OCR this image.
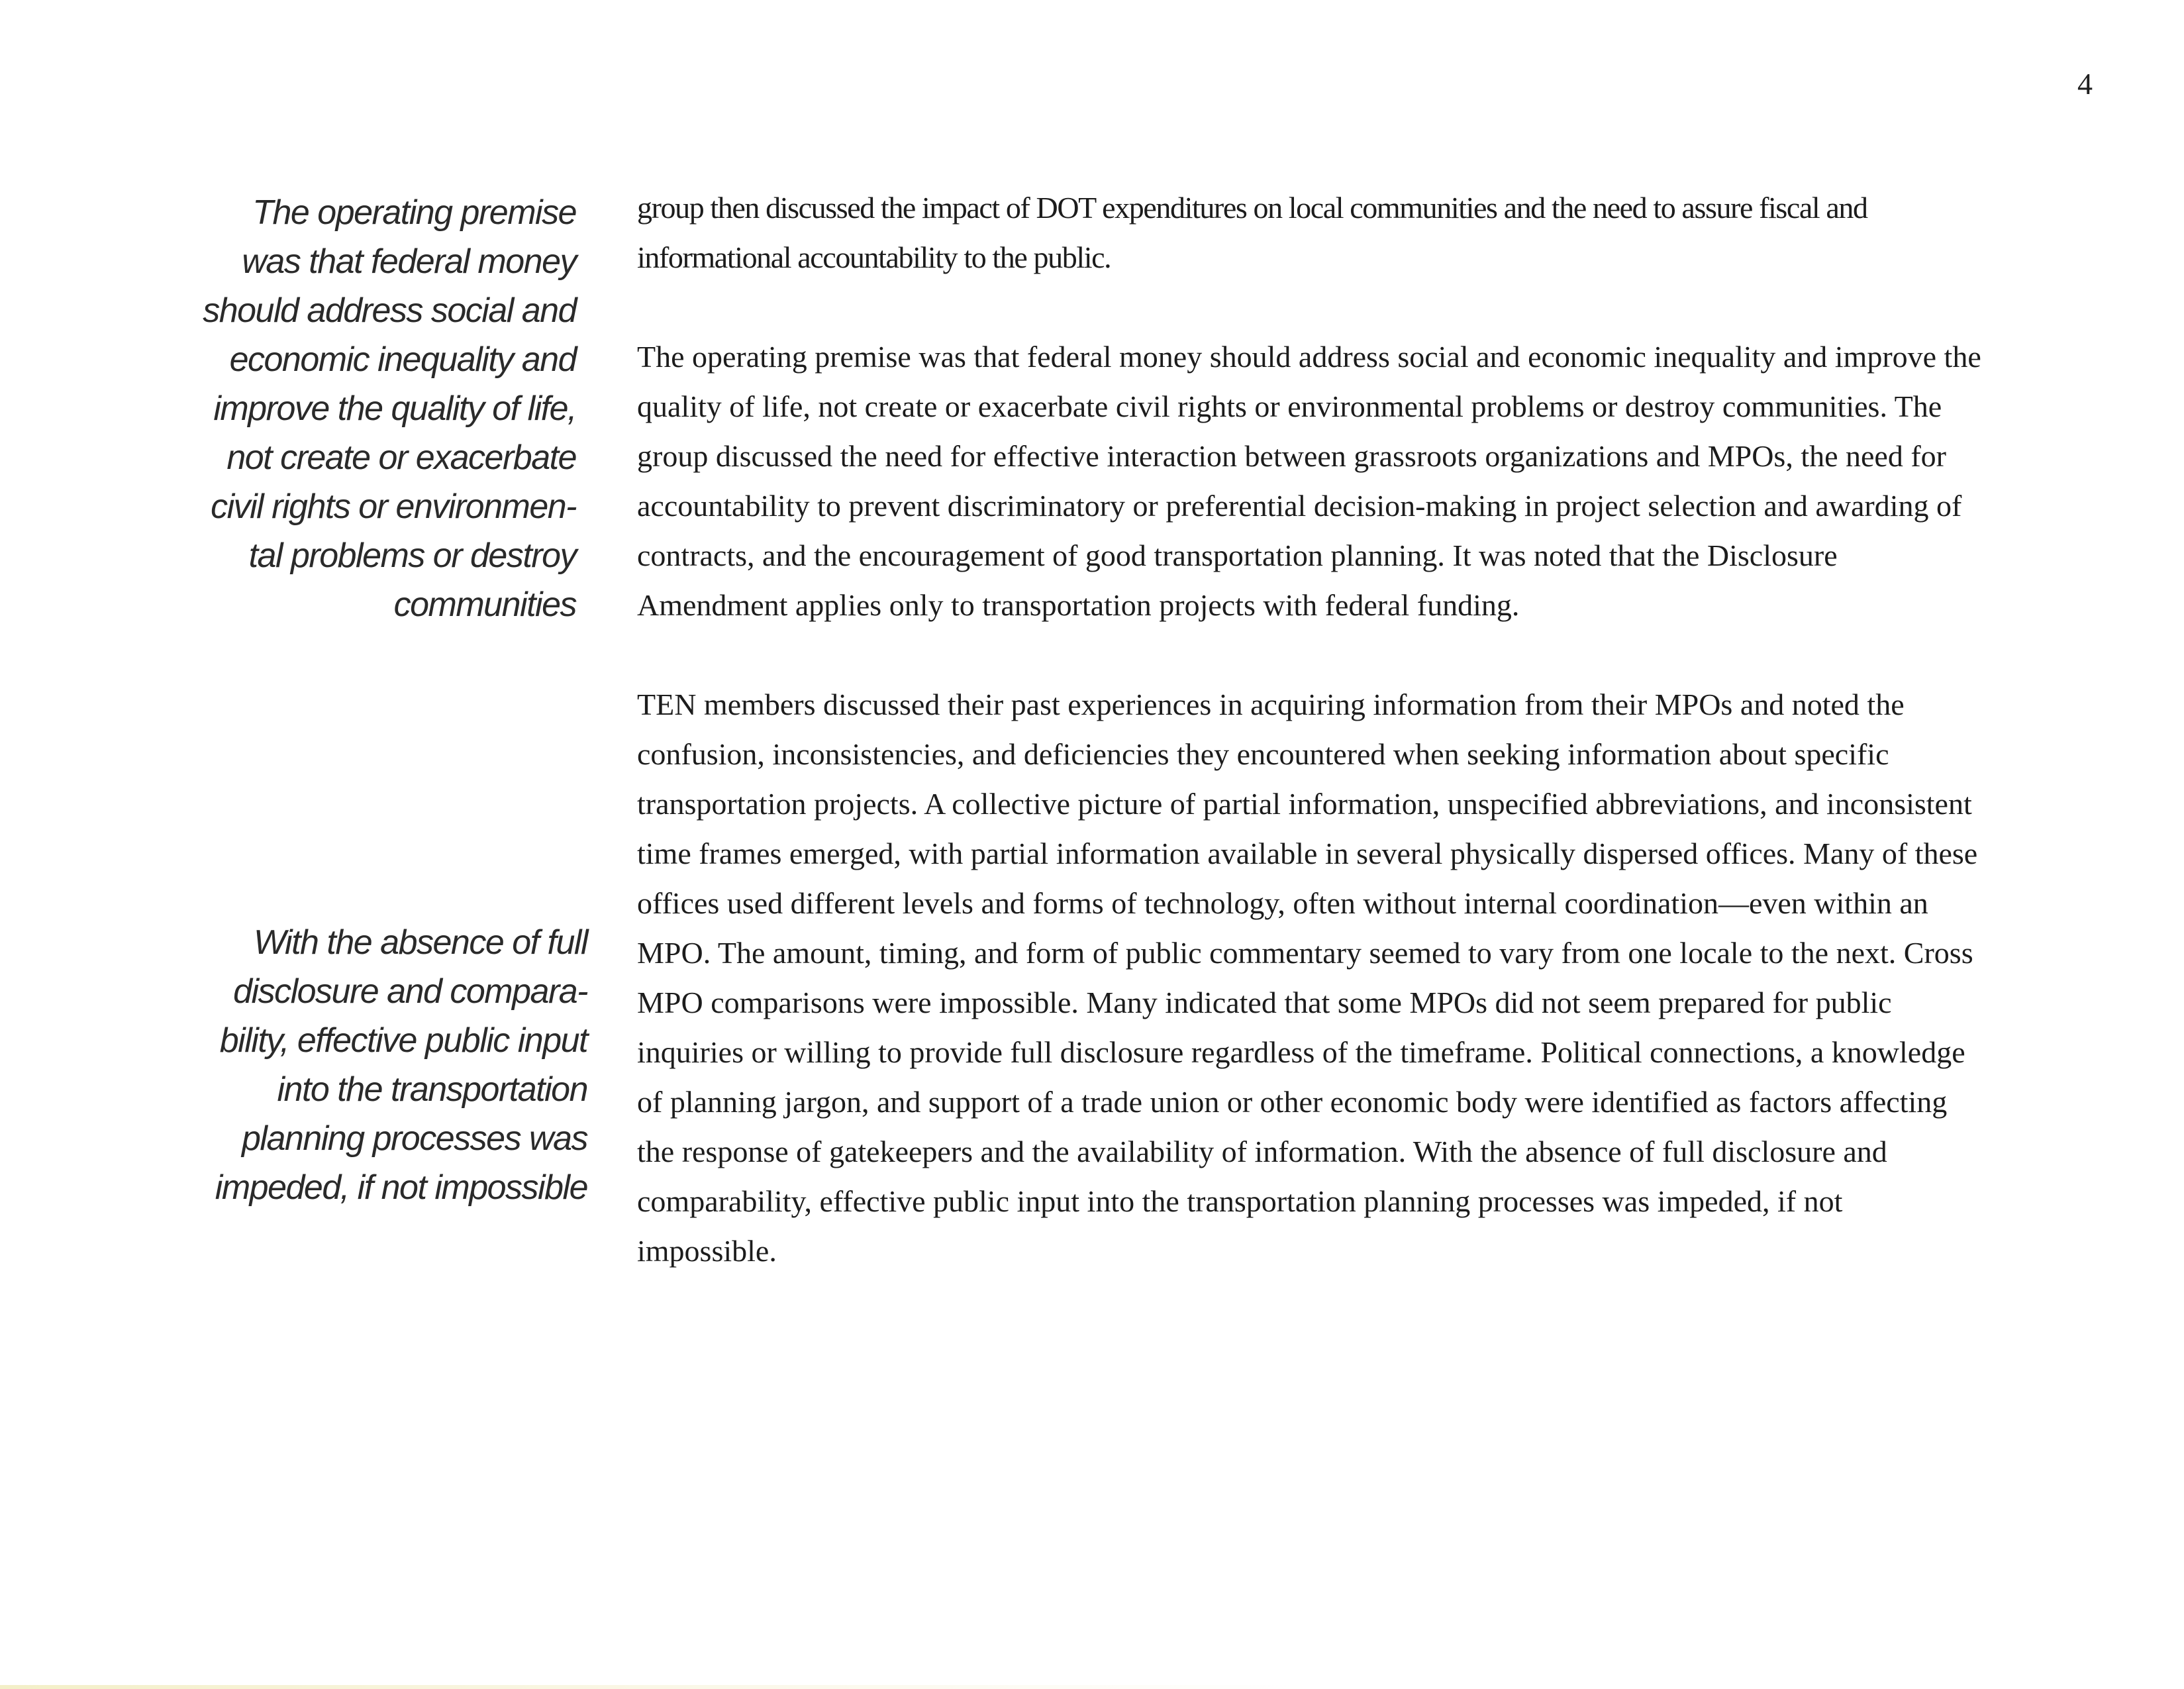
4
The operating premise
was that federal money
should address social and
economic inequality and
improve the quality of life,
not create or exacerbate
civil rights or environmen-
tal problems or destroy
communities
With the absence of full
disclosure and compara-
bility, effective public input
into the transportation
planning processes was
impeded, if not impossible

group then discussed the impact of DOT expenditures on local communities and the need to assure fiscal and informational accountability to the public.

The operating premise was that federal money should address social and economic inequality and improve the quality of life, not create or exacerbate civil rights or environmental problems or destroy communities. The group discussed the need for effective interaction between grassroots organizations and MPOs, the need for accountability to prevent discriminatory or preferential decision-making in project selection and awarding of contracts, and the encouragement of good transportation planning. It was noted that the Disclosure Amendment applies only to transportation projects with federal funding.

TEN members discussed their past experiences in acquiring information from their MPOs and noted the confusion, inconsistencies, and deficiencies they encountered when seeking information about specific transportation projects. A collective picture of partial information, unspecified abbreviations, and inconsistent time frames emerged, with partial information available in several physically dispersed offices. Many of these offices used different levels and forms of technology, often without internal coordination—even within an MPO. The amount, timing, and form of public commentary seemed to vary from one locale to the next. Cross MPO comparisons were impossible. Many indicated that some MPOs did not seem prepared for public inquiries or willing to provide full disclosure regardless of the timeframe. Political connections, a knowledge of planning jargon, and support of a trade union or other economic body were identified as factors affecting the response of gatekeepers and the availability of information. With the absence of full disclosure and comparability, effective public input into the transportation planning processes was impeded, if not impossible.
